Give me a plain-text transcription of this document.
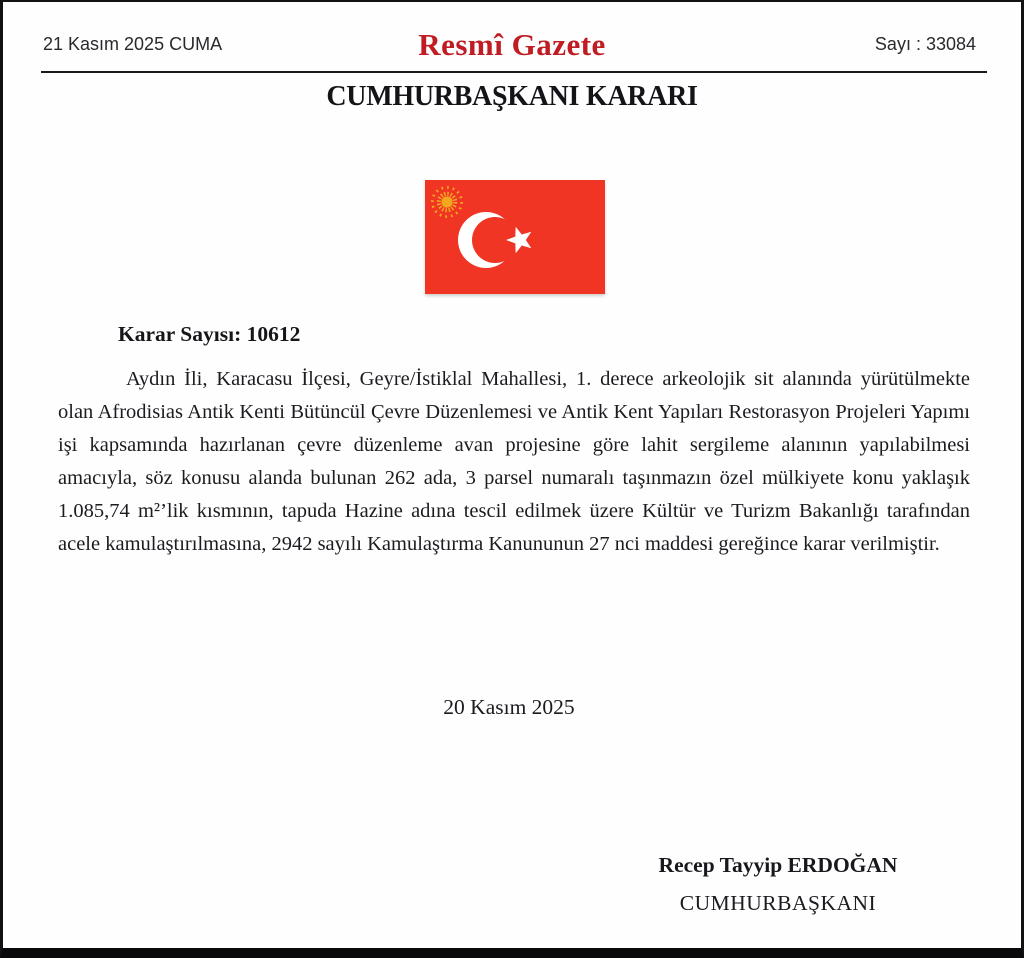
21 Kasım 2025 CUMA	Resmî Gazete	Sayı : 33084
CUMHURBAŞKANI KARARI
Karar Sayısı: 10612

Aydın İli, Karacasu İlçesi, Geyre/İstiklal Mahallesi, 1. derece arkeolojik sit alanında yürütülmekte olan Afrodisias Antik Kenti Bütüncül Çevre Düzenlemesi ve Antik Kent Yapıları Restorasyon Projeleri Yapımı işi kapsamında hazırlanan çevre düzenleme avan projesine göre lahit sergileme alanının yapılabilmesi amacıyla, söz konusu alanda bulunan 262 ada, 3 parsel numaralı taşınmazın özel mülkiyete konu yaklaşık 1.085,74 m²’lik kısmının, tapuda Hazine adına tescil edilmek üzere Kültür ve Turizm Bakanlığı tarafından acele kamulaştırılmasına, 2942 sayılı Kamulaştırma Kanununun 27 nci maddesi gereğince karar verilmiştir.

20 Kasım 2025
Recep Tayyip ERDOĞAN
CUMHURBAŞKANI
